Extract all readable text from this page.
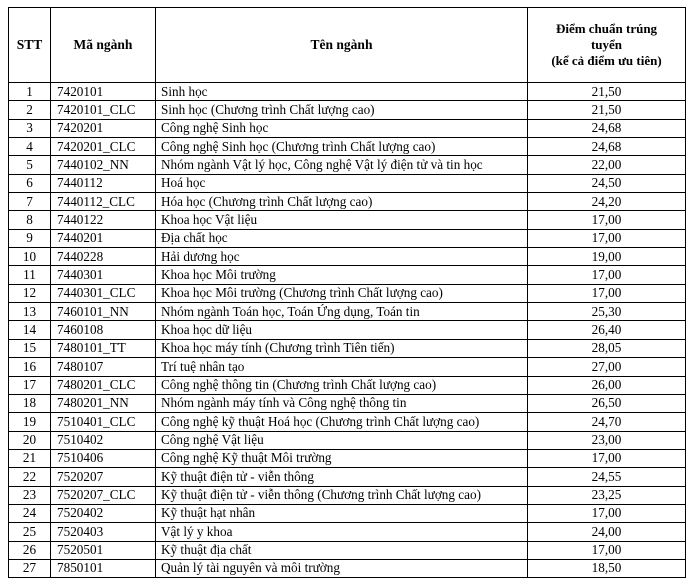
STT	Mã ngành	Tên ngành	Điểm chuẩn trúng
tuyển
(kể cả điểm ưu tiên)

1	7420101	Sinh học	21,50
2	7420101_CLC	Sinh học (Chương trình Chất lượng cao)	21,50
3	7420201	Công nghệ Sinh học	24,68
4	7420201_CLC	Công nghệ Sinh học (Chương trình Chất lượng cao)	24,68
5	7440102_NN	Nhóm ngành Vật lý học, Công nghệ Vật lý điện tử và tin học	22,00
6	7440112	Hoá học	24,50
7	7440112_CLC	Hóa học (Chương trình Chất lượng cao)	24,20
8	7440122	Khoa học Vật liệu	17,00
9	7440201	Địa chất học	17,00
10	7440228	Hải dương học	19,00
11	7440301	Khoa học Môi trường	17,00
12	7440301_CLC	Khoa học Môi trường (Chương trình Chất lượng cao)	17,00
13	7460101_NN	Nhóm ngành Toán học, Toán Ứng dụng, Toán tin	25,30
14	7460108	Khoa học dữ liệu	26,40
15	7480101_TT	Khoa học máy tính (Chương trình Tiên tiến)	28,05
16	7480107	Trí tuệ nhân tạo	27,00
17	7480201_CLC	Công nghệ thông tin (Chương trình Chất lượng cao)	26,00
18	7480201_NN	Nhóm ngành máy tính và Công nghệ thông tin	26,50
19	7510401_CLC	Công nghệ kỹ thuật Hoá học (Chương trình Chất lượng cao)	24,70
20	7510402	Công nghệ Vật liệu	23,00
21	7510406	Công nghệ Kỹ thuật Môi trường	17,00
22	7520207	Kỹ thuật điện tử - viễn thông	24,55
23	7520207_CLC	Kỹ thuật điện tử - viễn thông (Chương trình Chất lượng cao)	23,25
24	7520402	Kỹ thuật hạt nhân	17,00
25	7520403	Vật lý y khoa	24,00
26	7520501	Kỹ thuật địa chất	17,00
27	7850101	Quản lý tài nguyên và môi trường	18,50
